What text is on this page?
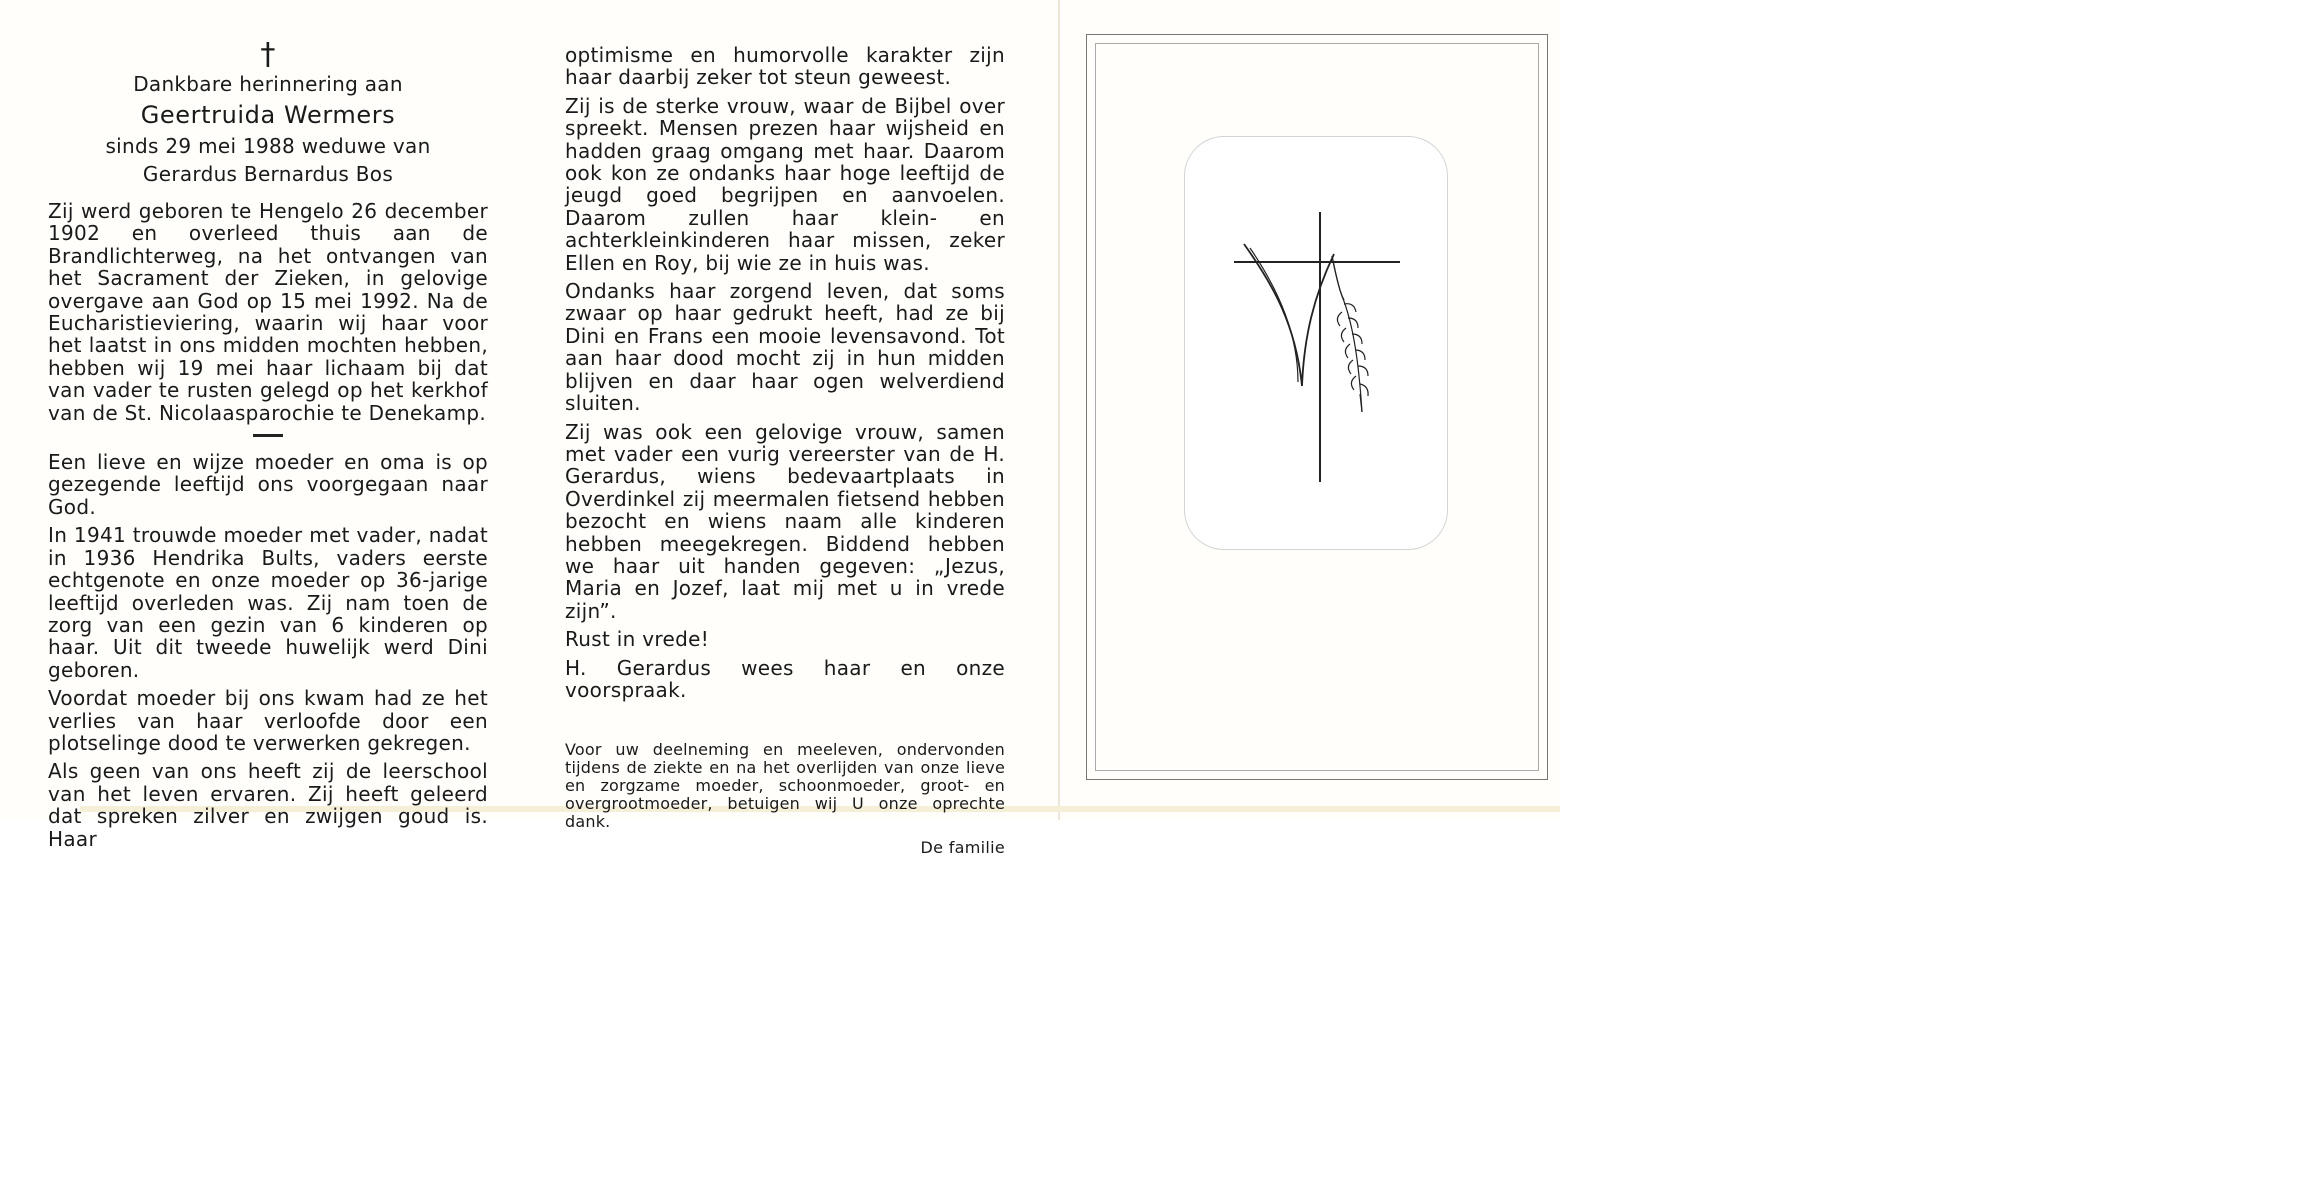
†
Dankbare herinnering aan
Geertruida Wermers
sinds 29 mei 1988 weduwe van
Gerardus Bernardus Bos

Zij werd geboren te Hengelo 26 december 1902 en overleed thuis aan de Brandlichterweg, na het ontvangen van het Sacrament der Zieken, in gelovige overgave aan God op 15 mei 1992. Na de Eucharistieviering, waarin wij haar voor het laatst in ons midden mochten hebben, hebben wij 19 mei haar lichaam bij dat van vader te rusten gelegd op het kerkhof van de St. Nicolaasparochie te Denekamp.

Een lieve en wijze moeder en oma is op gezegende leeftijd ons voorgegaan naar God.

In 1941 trouwde moeder met vader, nadat in 1936 Hendrika Bults, vaders eerste echtgenote en onze moeder op 36-jarige leeftijd overleden was. Zij nam toen de zorg van een gezin van 6 kinderen op haar. Uit dit tweede huwelijk werd Dini geboren.

Voordat moeder bij ons kwam had ze het verlies van haar verloofde door een plotselinge dood te verwerken gekregen.

Als geen van ons heeft zij de leerschool van het leven ervaren. Zij heeft geleerd dat spreken zilver en zwijgen goud is. Haar

optimisme en humorvolle karakter zijn haar daarbij zeker tot steun geweest.

Zij is de sterke vrouw, waar de Bijbel over spreekt. Mensen prezen haar wijsheid en hadden graag omgang met haar. Daarom ook kon ze ondanks haar hoge leeftijd de jeugd goed begrijpen en aanvoelen. Daarom zullen haar klein- en achterkleinkinderen haar missen, zeker Ellen en Roy, bij wie ze in huis was.

Ondanks haar zorgend leven, dat soms zwaar op haar gedrukt heeft, had ze bij Dini en Frans een mooie levensavond. Tot aan haar dood mocht zij in hun midden blijven en daar haar ogen welverdiend sluiten.

Zij was ook een gelovige vrouw, samen met vader een vurig vereerster van de H. Gerardus, wiens bedevaartplaats in Overdinkel zij meermalen fietsend hebben bezocht en wiens naam alle kinderen hebben meegekregen. Biddend hebben we haar uit handen gegeven: „Jezus, Maria en Jozef, laat mij met u in vrede zijn”.

Rust in vrede!

H. Gerardus wees haar en onze voorspraak.

Voor uw deelneming en meeleven, ondervonden tijdens de ziekte en na het overlijden van onze lieve en zorgzame moeder, schoonmoeder, groot- en overgrootmoeder, betuigen wij U onze oprechte dank.

De familie
